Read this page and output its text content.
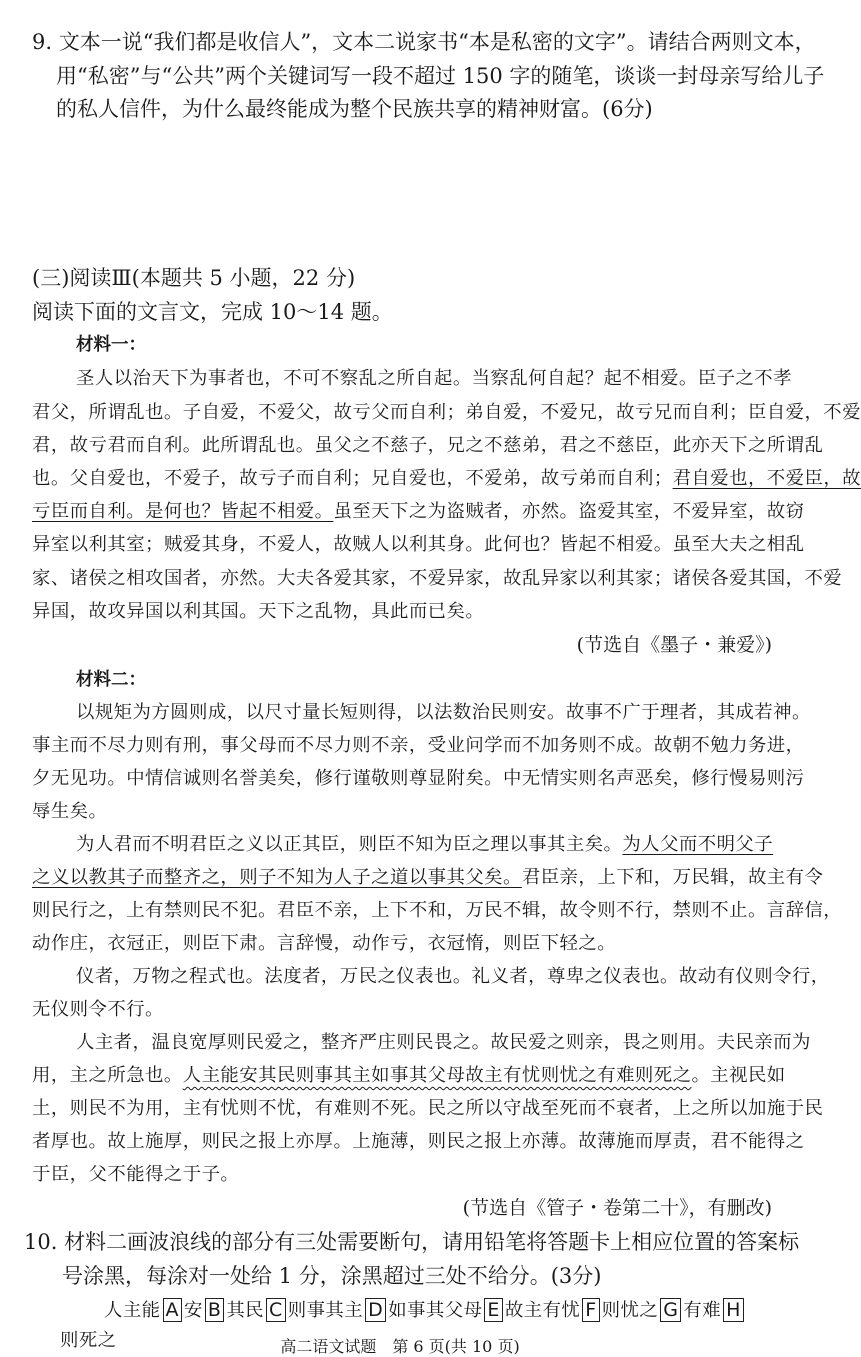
9. 文本一说“我们都是收信人”，文本二说家书“本是私密的文字”。请结合两则文本，
用“私密”与“公共”两个关键词写一段不超过 150 字的随笔，谈谈一封母亲写给儿子
的私人信件，为什么最终能成为整个民族共享的精神财富。(6分)
(三)阅读Ⅲ(本题共 5 小题，22 分)
阅读下面的文言文，完成 10～14 题。
材料一：
圣人以治天下为事者也，不可不察乱之所自起。当察乱何自起？起不相爱。臣子之不孝
君父，所谓乱也。子自爱，不爱父，故亏父而自利；弟自爱，不爱兄，故亏兄而自利；臣自爱，不爱
君，故亏君而自利。此所谓乱也。虽父之不慈子，兄之不慈弟，君之不慈臣，此亦天下之所谓乱
也。父自爱也，不爱子，故亏子而自利；兄自爱也，不爱弟，故亏弟而自利；君自爱也，不爱臣，故
亏臣而自利。是何也？皆起不相爱。虽至天下之为盗贼者，亦然。盗爱其室，不爱异室，故窃
异室以利其室；贼爱其身，不爱人，故贼人以利其身。此何也？皆起不相爱。虽至大夫之相乱
家、诸侯之相攻国者，亦然。大夫各爱其家，不爱异家，故乱异家以利其家；诸侯各爱其国，不爱
异国，故攻异国以利其国。天下之乱物，具此而已矣。
(节选自《墨子・兼爱》)
材料二：
以规矩为方圆则成，以尺寸量长短则得，以法数治民则安。故事不广于理者，其成若神。
事主而不尽力则有刑，事父母而不尽力则不亲，受业问学而不加务则不成。故朝不勉力务进，
夕无见功。中情信诚则名誉美矣，修行谨敬则尊显附矣。中无情实则名声恶矣，修行慢易则污
辱生矣。
为人君而不明君臣之义以正其臣，则臣不知为臣之理以事其主矣。为人父而不明父子
之义以教其子而整齐之，则子不知为人子之道以事其父矣。君臣亲，上下和，万民辑，故主有令
则民行之，上有禁则民不犯。君臣不亲，上下不和，万民不辑，故令则不行，禁则不止。言辞信，
动作庄，衣冠正，则臣下肃。言辞慢，动作亏，衣冠惰，则臣下轻之。
仪者，万物之程式也。法度者，万民之仪表也。礼义者，尊卑之仪表也。故动有仪则令行，
无仪则令不行。
人主者，温良宽厚则民爱之，整齐严庄则民畏之。故民爱之则亲，畏之则用。夫民亲而为
用，主之所急也。人主能安其民则事其主如事其父母故主有忧则忧之有难则死之。主视民如
土，则民不为用，主有忧则不忧，有难则不死。民之所以守战至死而不衰者，上之所以加施于民
者厚也。故上施厚，则民之报上亦厚。上施薄，则民之报上亦薄。故薄施而厚责，君不能得之
于臣，父不能得之于子。
(节选自《管子・卷第二十》，有删改)
10. 材料二画波浪线的部分有三处需要断句，请用铅笔将答题卡上相应位置的答案标
号涂黑，每涂对一处给 1 分，涂黑超过三处不给分。(3分)
人主能 A 安 B 其民 C 则事其主 D 如事其父母 E 故主有忧 F 则忧之 G 有难 H
则死之	高二语文试题　第 6 页(共 10 页)
